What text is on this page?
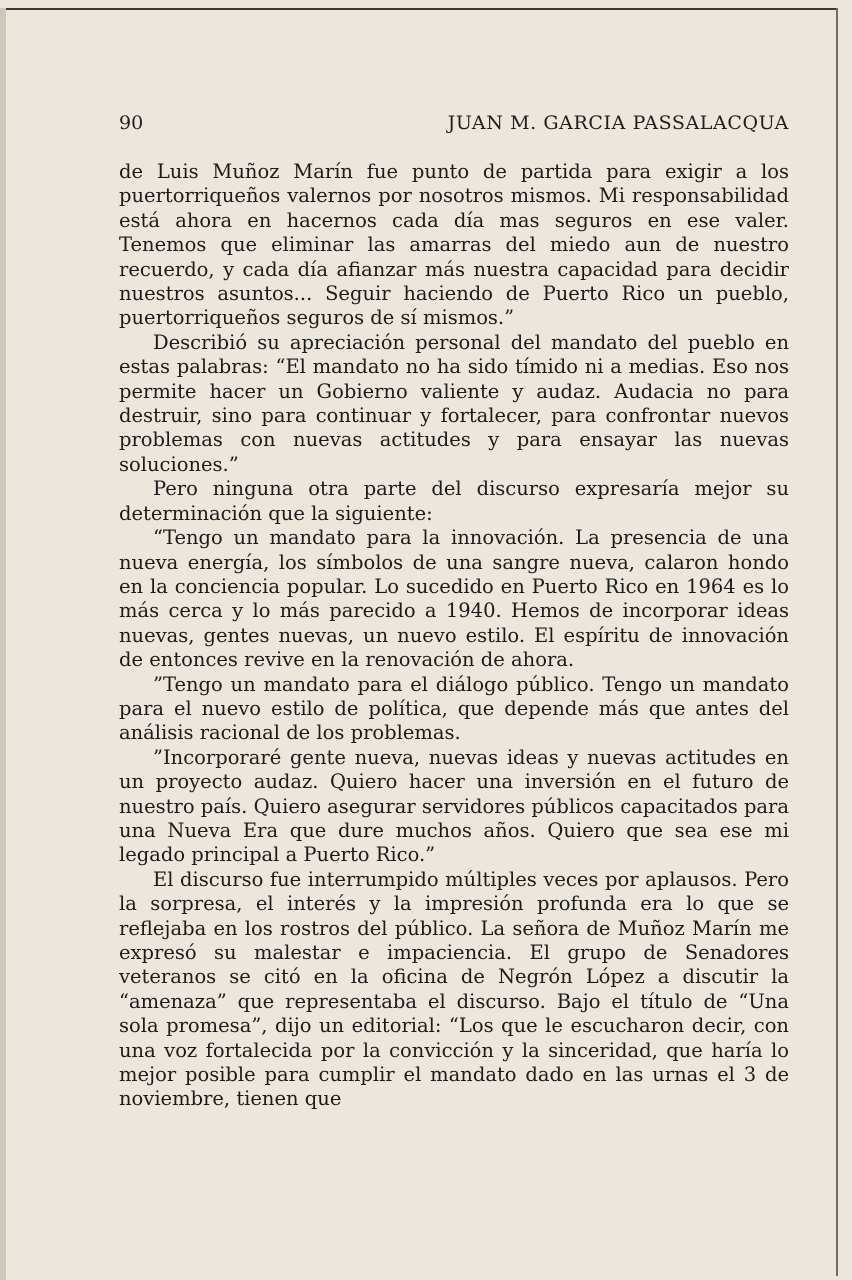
90	JUAN M. GARCIA PASSALACQUA

de Luis Muñoz Marín fue punto de partida para exigir a los puertorriqueños valernos por nosotros mismos. Mi responsabilidad está ahora en hacernos cada día mas seguros en ese valer. Tenemos que eliminar las amarras del miedo aun de nuestro recuerdo, y cada día afianzar más nuestra capacidad para decidir nuestros asuntos... Seguir haciendo de Puerto Rico un pueblo, puertorriqueños seguros de sí mismos.”

Describió su apreciación personal del mandato del pueblo en estas palabras: “El mandato no ha sido tímido ni a medias. Eso nos permite hacer un Gobierno valiente y audaz. Audacia no para destruir, sino para continuar y fortalecer, para confrontar nuevos problemas con nuevas actitudes y para ensayar las nuevas soluciones.”

Pero ninguna otra parte del discurso expresaría mejor su determinación que la siguiente:

“Tengo un mandato para la innovación. La presencia de una nueva energía, los símbolos de una sangre nueva, calaron hondo en la conciencia popular. Lo sucedido en Puerto Rico en 1964 es lo más cerca y lo más parecido a 1940. Hemos de incorporar ideas nuevas, gentes nuevas, un nuevo estilo. El espíritu de innovación de entonces revive en la renovación de ahora.

”Tengo un mandato para el diálogo público. Tengo un mandato para el nuevo estilo de política, que depende más que antes del análisis racional de los problemas.

”Incorporaré gente nueva, nuevas ideas y nuevas actitudes en un proyecto audaz. Quiero hacer una inversión en el futuro de nuestro país. Quiero asegurar servidores públicos capacitados para una Nueva Era que dure muchos años. Quiero que sea ese mi legado principal a Puerto Rico.”

El discurso fue interrumpido múltiples veces por aplausos. Pero la sorpresa, el interés y la impresión profunda era lo que se reflejaba en los rostros del público. La señora de Muñoz Marín me expresó su malestar e impaciencia. El grupo de Senadores veteranos se citó en la oficina de Negrón López a discutir la “amenaza” que representaba el discurso. Bajo el título de “Una sola promesa”, dijo un editorial: “Los que le escucharon decir, con una voz fortalecida por la convicción y la sinceridad, que haría lo mejor posible para cumplir el mandato dado en las urnas el 3 de noviembre, tienen que
